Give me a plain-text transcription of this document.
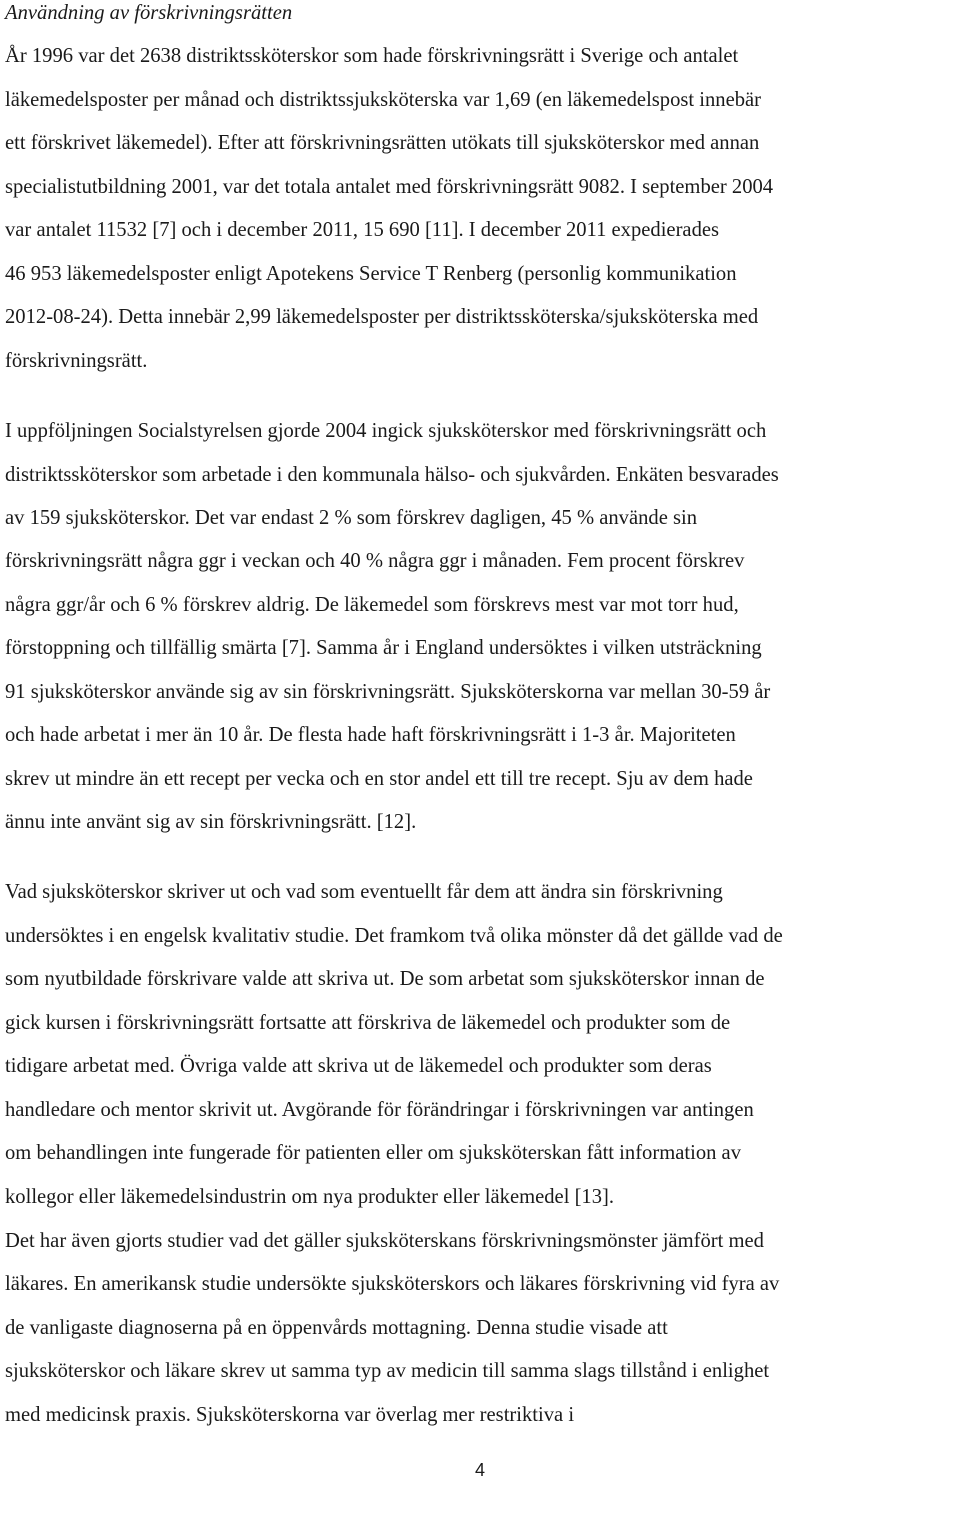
Användning av förskrivningsrätten
År 1996 var det 2638 distriktssköterskor som hade förskrivningsrätt i Sverige och antalet
läkemedelsposter per månad och distriktssjuksköterska var 1,69 (en läkemedelspost innebär
ett förskrivet läkemedel). Efter att förskrivningsrätten utökats till sjuksköterskor med annan
specialistutbildning 2001, var det totala antalet med förskrivningsrätt 9082. I september 2004
var antalet 11532 [7] och i december 2011, 15 690 [11]. I december 2011 expedierades
46 953 läkemedelsposter enligt Apotekens Service T Renberg (personlig kommunikation
2012-08-24). Detta innebär 2,99 läkemedelsposter per distriktssköterska/sjuksköterska med
förskrivningsrätt.
I uppföljningen Socialstyrelsen gjorde 2004 ingick sjuksköterskor med förskrivningsrätt och
distriktssköterskor som arbetade i den kommunala hälso- och sjukvården. Enkäten besvarades
av 159 sjuksköterskor. Det var endast 2 % som förskrev dagligen, 45 % använde sin
förskrivningsrätt några ggr i veckan och 40 % några ggr i månaden. Fem procent förskrev
några ggr/år och 6 % förskrev aldrig. De läkemedel som förskrevs mest var mot torr hud,
förstoppning och tillfällig smärta [7]. Samma år i England undersöktes i vilken utsträckning
91 sjuksköterskor använde sig av sin förskrivningsrätt. Sjuksköterskorna var mellan 30-59 år
och hade arbetat i mer än 10 år. De flesta hade haft förskrivningsrätt i 1-3 år. Majoriteten
skrev ut mindre än ett recept per vecka och en stor andel ett till tre recept. Sju av dem hade
ännu inte använt sig av sin förskrivningsrätt. [12].
Vad sjuksköterskor skriver ut och vad som eventuellt får dem att ändra sin förskrivning
undersöktes i en engelsk kvalitativ studie. Det framkom två olika mönster då det gällde vad de
som nyutbildade förskrivare valde att skriva ut. De som arbetat som sjuksköterskor innan de
gick kursen i förskrivningsrätt fortsatte att förskriva de läkemedel och produkter som de
tidigare arbetat med. Övriga valde att skriva ut de läkemedel och produkter som deras
handledare och mentor skrivit ut. Avgörande för förändringar i förskrivningen var antingen
om behandlingen inte fungerade för patienten eller om sjuksköterskan fått information av
kollegor eller läkemedelsindustrin om nya produkter eller läkemedel [13].
Det har även gjorts studier vad det gäller sjuksköterskans förskrivningsmönster jämfört med
läkares. En amerikansk studie undersökte sjuksköterskors och läkares förskrivning vid fyra av
de vanligaste diagnoserna på en öppenvårds mottagning. Denna studie visade att
sjuksköterskor och läkare skrev ut samma typ av medicin till samma slags tillstånd i enlighet
med medicinsk praxis. Sjuksköterskorna var överlag mer restriktiva i
4
